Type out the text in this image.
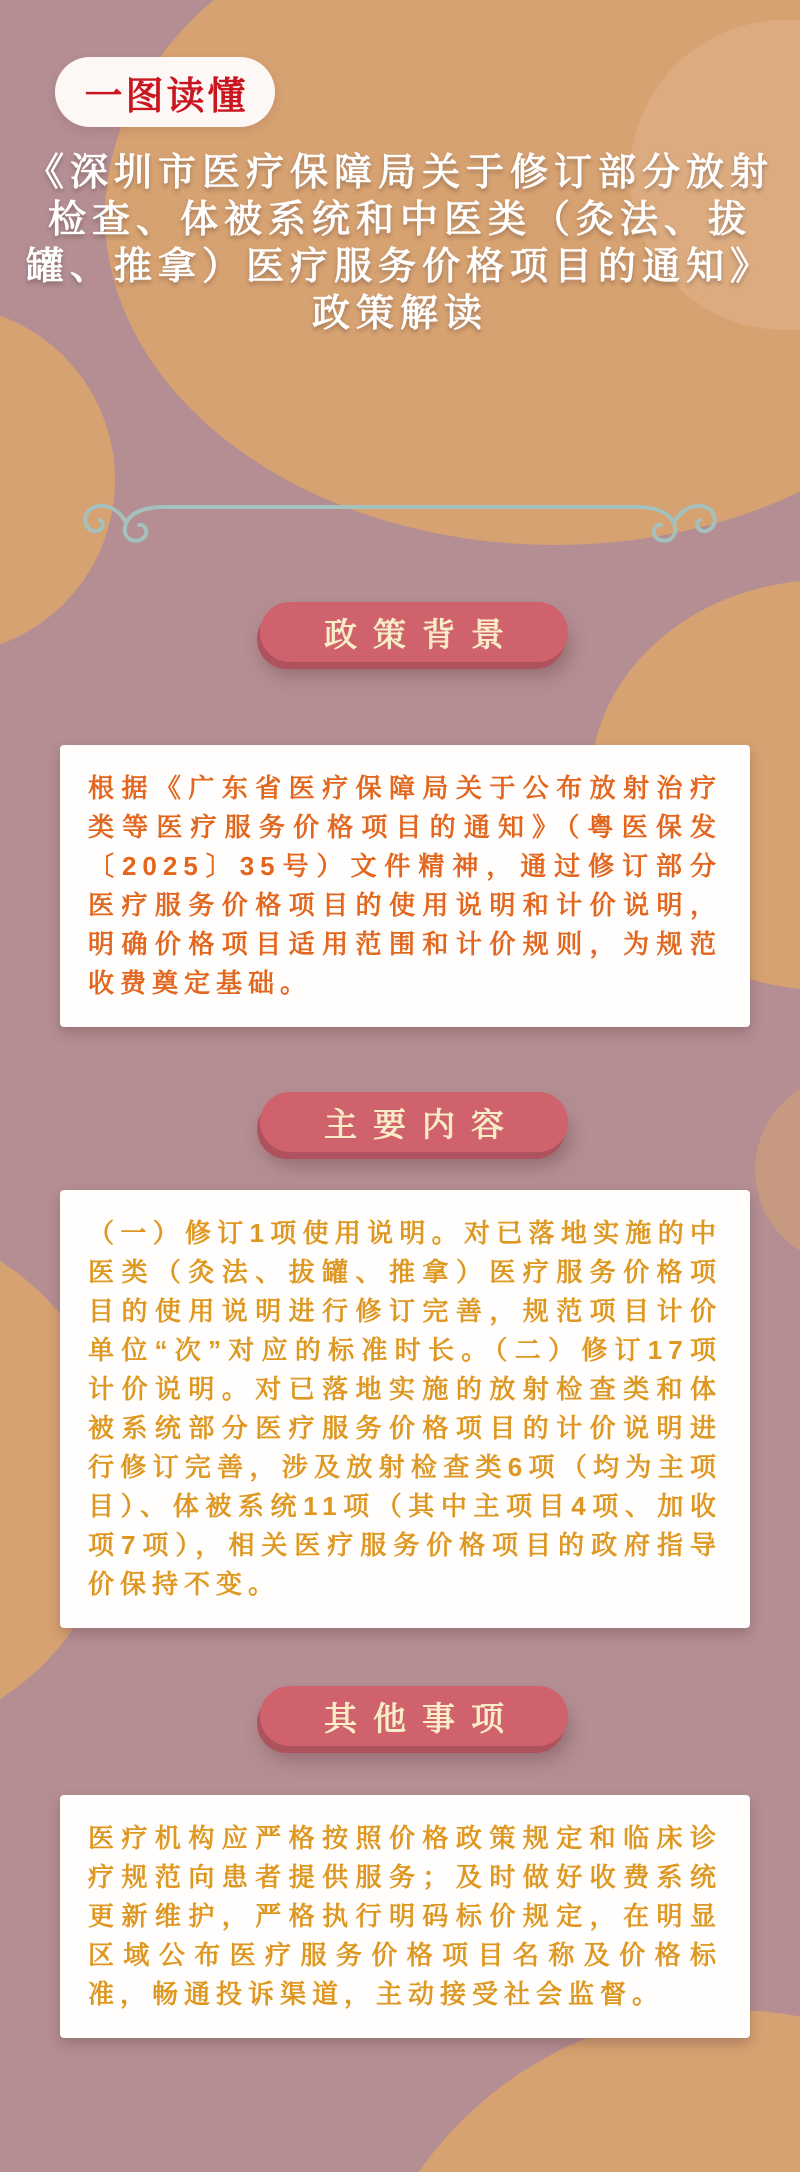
一图读懂
《深圳市医疗保障局关于修订部分放射检查、体被系统和中医类（灸法、拔罐、推拿）医疗服务价格项目的通知》政策解读
政策背景

根据《广东省医疗保障局关于公布放射治疗类等医疗服务价格项目的通知》（粤医保发〔2025〕35号）文件精神，通过修订部分医疗服务价格项目的使用说明和计价说明，明确价格项目适用范围和计价规则，为规范收费奠定基础。

主要内容

（一）修订1项使用说明。对已落地实施的中医类（灸法、拔罐、推拿）医疗服务价格项目的使用说明进行修订完善，规范项目计价单位“次”对应的标准时长。（二）修订17项计价说明。对已落地实施的放射检查类和体被系统部分医疗服务价格项目的计价说明进行修订完善，涉及放射检查类6项（均为主项目）、体被系统11项（其中主项目4项、加收项7项），相关医疗服务价格项目的政府指导价保持不变。

其他事项

医疗机构应严格按照价格政策规定和临床诊疗规范向患者提供服务；及时做好收费系统更新维护，严格执行明码标价规定，在明显区域公布医疗服务价格项目名称及价格标准，畅通投诉渠道，主动接受社会监督。
